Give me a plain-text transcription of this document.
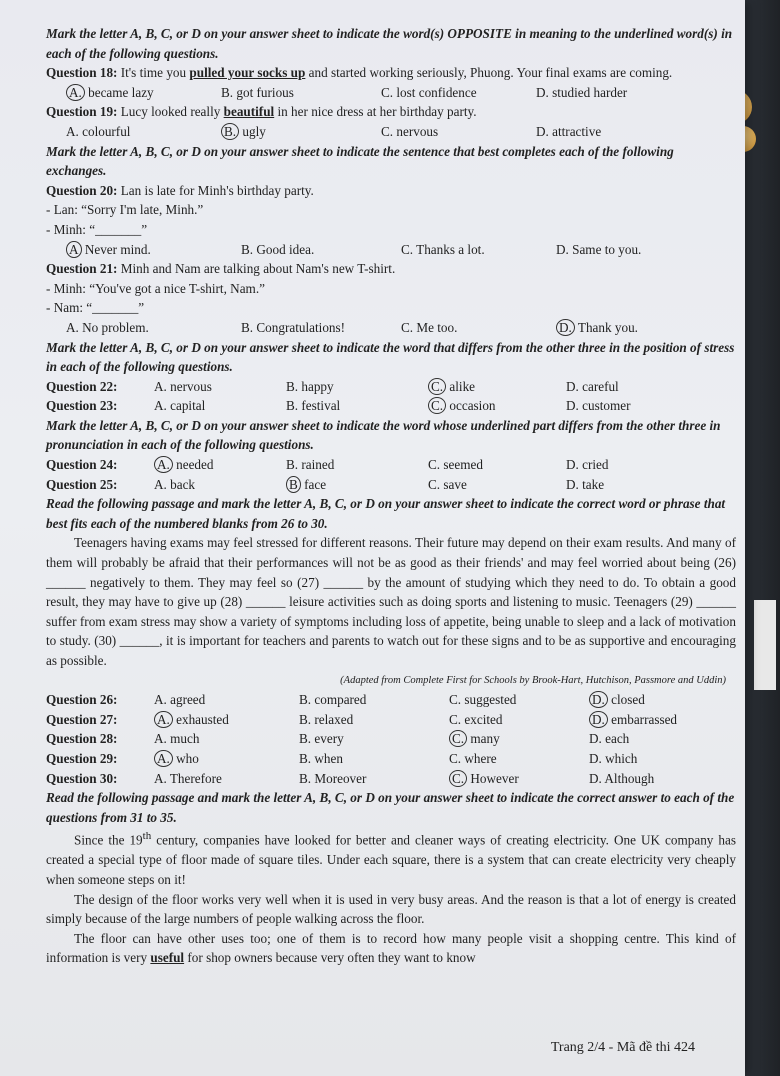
Mark the letter A, B, C, or D on your answer sheet to indicate the word(s) OPPOSITE in meaning to the underlined word(s) in each of the following questions.

Question 18: It's time you pulled your socks up and started working seriously, Phuong. Your final exams are coming.

A. became lazy	B. got furious	C. lost confidence	D. studied harder

Question 19: Lucy looked really beautiful in her nice dress at her birthday party.

A. colourful	B. ugly	C. nervous	D. attractive

Mark the letter A, B, C, or D on your answer sheet to indicate the sentence that best completes each of the following exchanges.

Question 20: Lan is late for Minh's birthday party.

- Lan: “Sorry I'm late, Minh.”

- Minh: “_______”

A Never mind.	B. Good idea.	C. Thanks a lot.	D. Same to you.

Question 21: Minh and Nam are talking about Nam's new T-shirt.

- Minh: “You've got a nice T-shirt, Nam.”

- Nam: “_______”

A. No problem.	B. Congratulations!	C. Me too.	D. Thank you.

Mark the letter A, B, C, or D on your answer sheet to indicate the word that differs from the other three in the position of stress in each of the following questions.

Question 22:	A. nervous	B. happy	C. alike	D. careful
Question 23:	A. capital	B. festival	C. occasion	D. customer

Mark the letter A, B, C, or D on your answer sheet to indicate the word whose underlined part differs from the other three in pronunciation in each of the following questions.

Question 24:	A. needed	B. rained	C. seemed	D. cried
Question 25:	A. back	B face	C. save	D. take

Read the following passage and mark the letter A, B, C, or D on your answer sheet to indicate the correct word or phrase that best fits each of the numbered blanks from 26 to 30.

Teenagers having exams may feel stressed for different reasons. Their future may depend on their exam results. And many of them will probably be afraid that their performances will not be as good as their friends' and may feel worried about being (26) ______ negatively to them. They may feel so (27) ______ by the amount of studying which they need to do. To obtain a good result, they may have to give up (28) ______ leisure activities such as doing sports and listening to music. Teenagers (29) ______ suffer from exam stress may show a variety of symptoms including loss of appetite, being unable to sleep and a lack of motivation to study. (30) ______, it is important for teachers and parents to watch out for these signs and to be as supportive and encouraging as possible.

(Adapted from Complete First for Schools by Brook-Hart, Hutchison, Passmore and Uddin)

Question 26:	A. agreed	B. compared	C. suggested	D. closed
Question 27:	A. exhausted	B. relaxed	C. excited	D. embarrassed
Question 28:	A. much	B. every	C. many	D. each
Question 29:	A. who	B. when	C. where	D. which
Question 30:	A. Therefore	B. Moreover	C. However	D. Although

Read the following passage and mark the letter A, B, C, or D on your answer sheet to indicate the correct answer to each of the questions from 31 to 35.

Since the 19th century, companies have looked for better and cleaner ways of creating electricity. One UK company has created a special type of floor made of square tiles. Under each square, there is a system that can create electricity very cheaply when someone steps on it!

The design of the floor works very well when it is used in very busy areas. And the reason is that a lot of energy is created simply because of the large numbers of people walking across the floor.

The floor can have other uses too; one of them is to record how many people visit a shopping centre. This kind of information is very useful for shop owners because very often they want to know

Trang 2/4 - Mã đề thi 424
